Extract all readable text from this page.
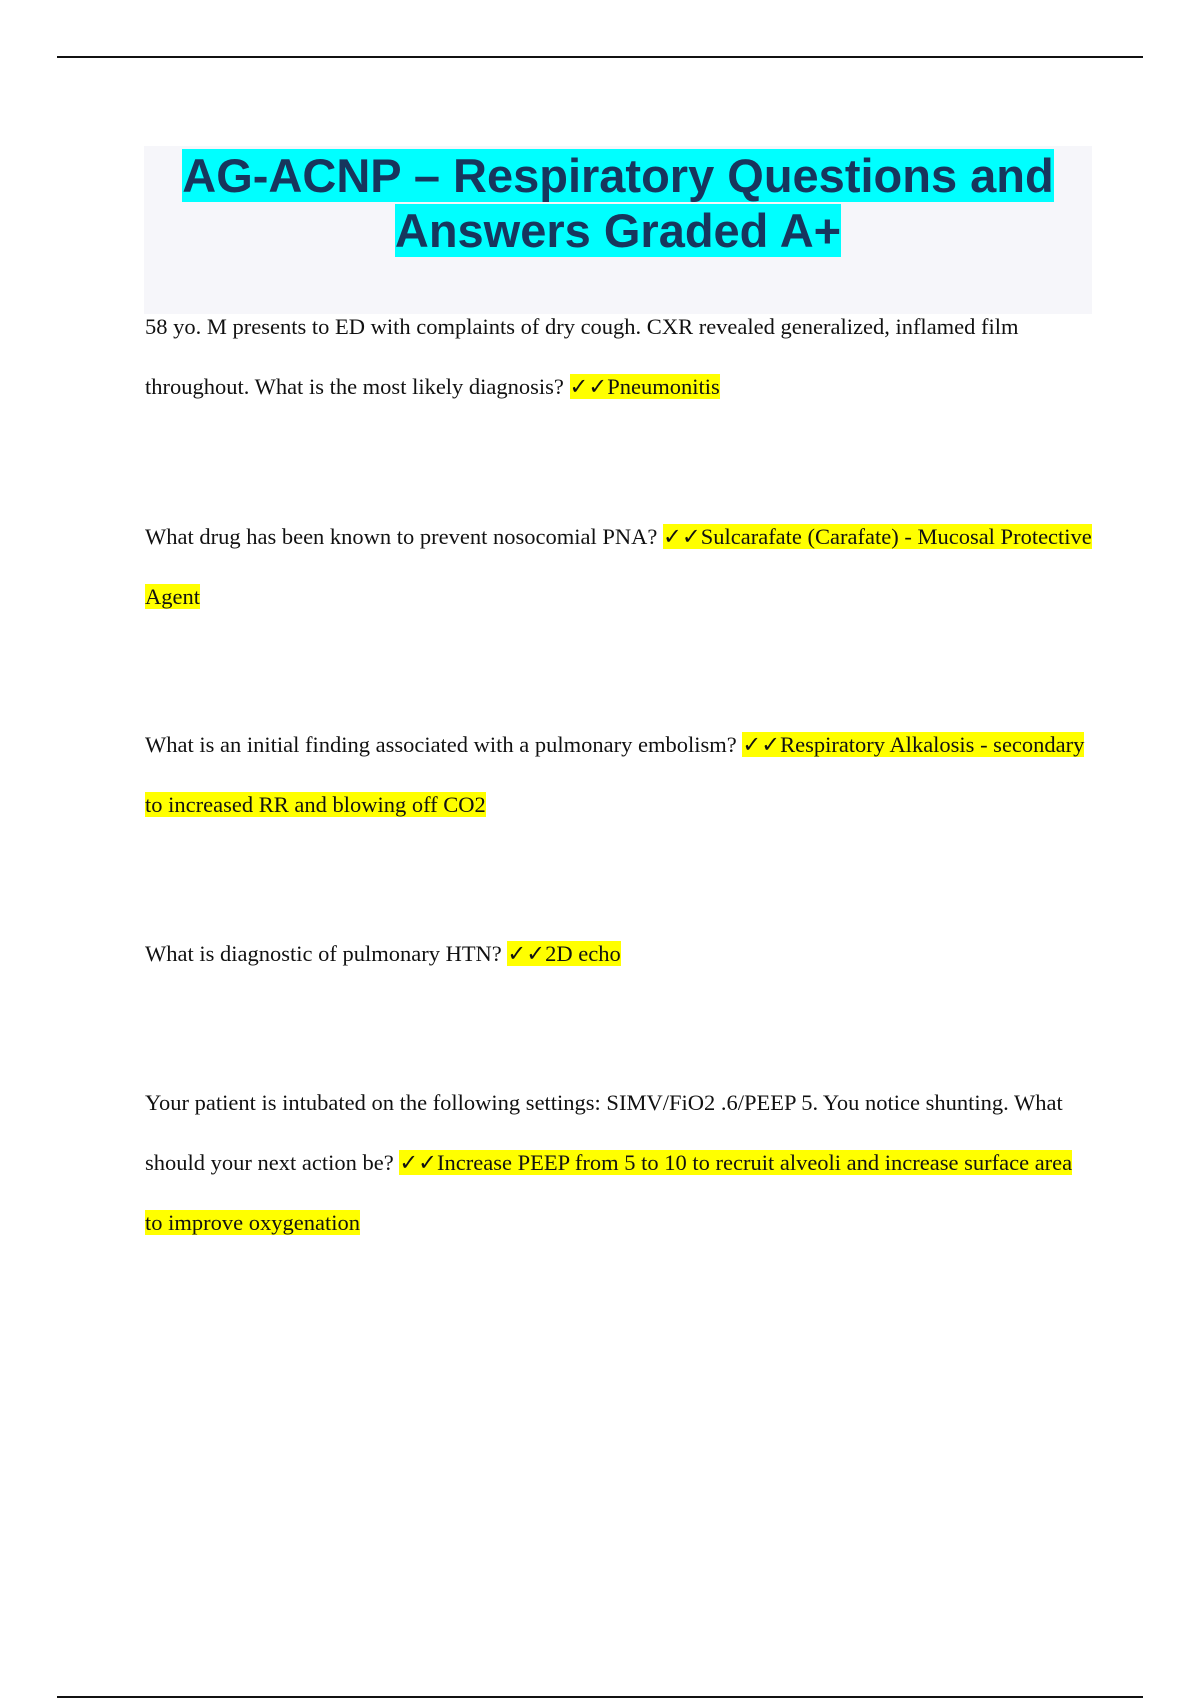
AG-ACNP – Respiratory Questions and Answers Graded A+

58 yo. M presents to ED with complaints of dry cough. CXR revealed generalized, inflamed film throughout. What is the most likely diagnosis? ✓✓Pneumonitis

What drug has been known to prevent nosocomial PNA? ✓✓Sulcarafate (Carafate) - Mucosal Protective Agent

What is an initial finding associated with a pulmonary embolism? ✓✓Respiratory Alkalosis - secondary to increased RR and blowing off CO2

What is diagnostic of pulmonary HTN? ✓✓2D echo

Your patient is intubated on the following settings: SIMV/FiO2 .6/PEEP 5. You notice shunting. What should your next action be? ✓✓Increase PEEP from 5 to 10 to recruit alveoli and increase surface area to improve oxygenation
